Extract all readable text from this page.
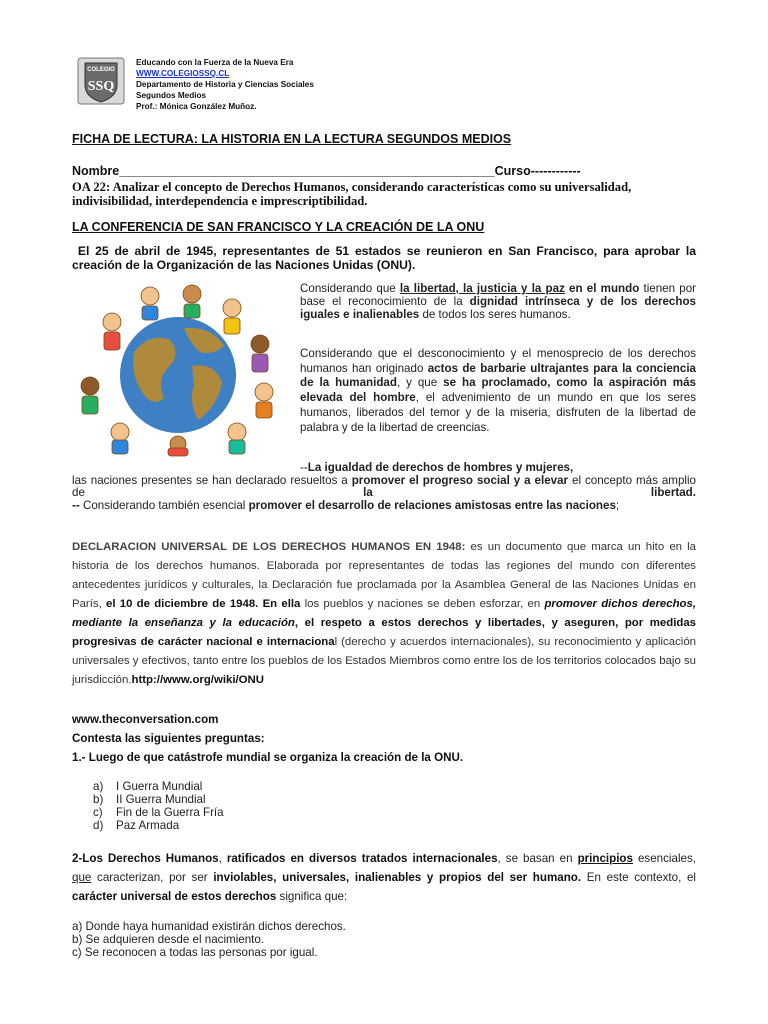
COLEGIO
SSQ
Educando con la Fuerza de la Nueva Era
WWW.COLEGIOSSQ.CL
Departamento de Historia y Ciencias Sociales
Segundos Medios
Prof.: Mónica González Muñoz.
FICHA DE LECTURA: LA HISTORIA EN LA LECTURA SEGUNDOS MEDIOS
Nombre______________________________________________________Curso------------
OA 22: Analizar el concepto de Derechos Humanos, considerando características como su universalidad, indivisibilidad, interdependencia e imprescriptibilidad.
LA CONFERENCIA DE SAN FRANCISCO Y LA CREACIÓN DE LA ONU
El 25 de abril de 1945, representantes de 51 estados se reunieron en San Francisco, para aprobar la creación de la Organización de las Naciones Unidas (ONU).
Considerando que la libertad, la justicia y la paz en el mundo tienen por base el reconocimiento de la dignidad intrínseca y de los derechos iguales e inalienables de todos los seres humanos.
Considerando que el desconocimiento y el menosprecio de los derechos humanos han originado actos de barbarie ultrajantes para la conciencia de la humanidad, y que se ha proclamado, como la aspiración más elevada del hombre, el advenimiento de un mundo en que los seres humanos, liberados del temor y de la miseria, disfruten de la libertad de palabra y de la libertad de creencias.
--La igualdad de derechos de hombres y mujeres,
las naciones presentes se han declarado resueltos a promover el progreso social y a elevar el concepto más amplio de la libertad.
-- Considerando también esencial promover el desarrollo de relaciones amistosas entre las naciones;
DECLARACION UNIVERSAL DE LOS DERECHOS HUMANOS EN 1948: es un documento que marca un hito en la historia de los derechos humanos. Elaborada por representantes de todas las regiones del mundo con diferentes antecedentes jurídicos y culturales, la Declaración fue proclamada por la Asamblea General de las Naciones Unidas en París, el 10 de diciembre de 1948. En ella los pueblos y naciones se deben esforzar, en promover dichos derechos, mediante la enseñanza y la educación, el respeto a estos derechos y libertades, y aseguren, por medidas progresivas de carácter nacional e internacional (derecho y acuerdos internacionales), su reconocimiento y aplicación universales y efectivos, tanto entre los pueblos de los Estados Miembros como entre los de los territorios colocados bajo su jurisdicción.http://www.org/wiki/ONU
www.theconversation.com
Contesta las siguientes preguntas:
1.- Luego de que catástrofe mundial se organiza la creación de la ONU.
a) I Guerra Mundial
b) II Guerra Mundial
c) Fin de la Guerra Fría
d) Paz Armada
2-Los Derechos Humanos, ratificados en diversos tratados internacionales, se basan en principios esenciales, que caracterizan, por ser inviolables, universales, inalienables y propios del ser humano. En este contexto, el carácter universal de estos derechos significa que:
a) Donde haya humanidad existirán dichos derechos.
b) Se adquieren desde el nacimiento.
c) Se reconocen a todas las personas por igual.
